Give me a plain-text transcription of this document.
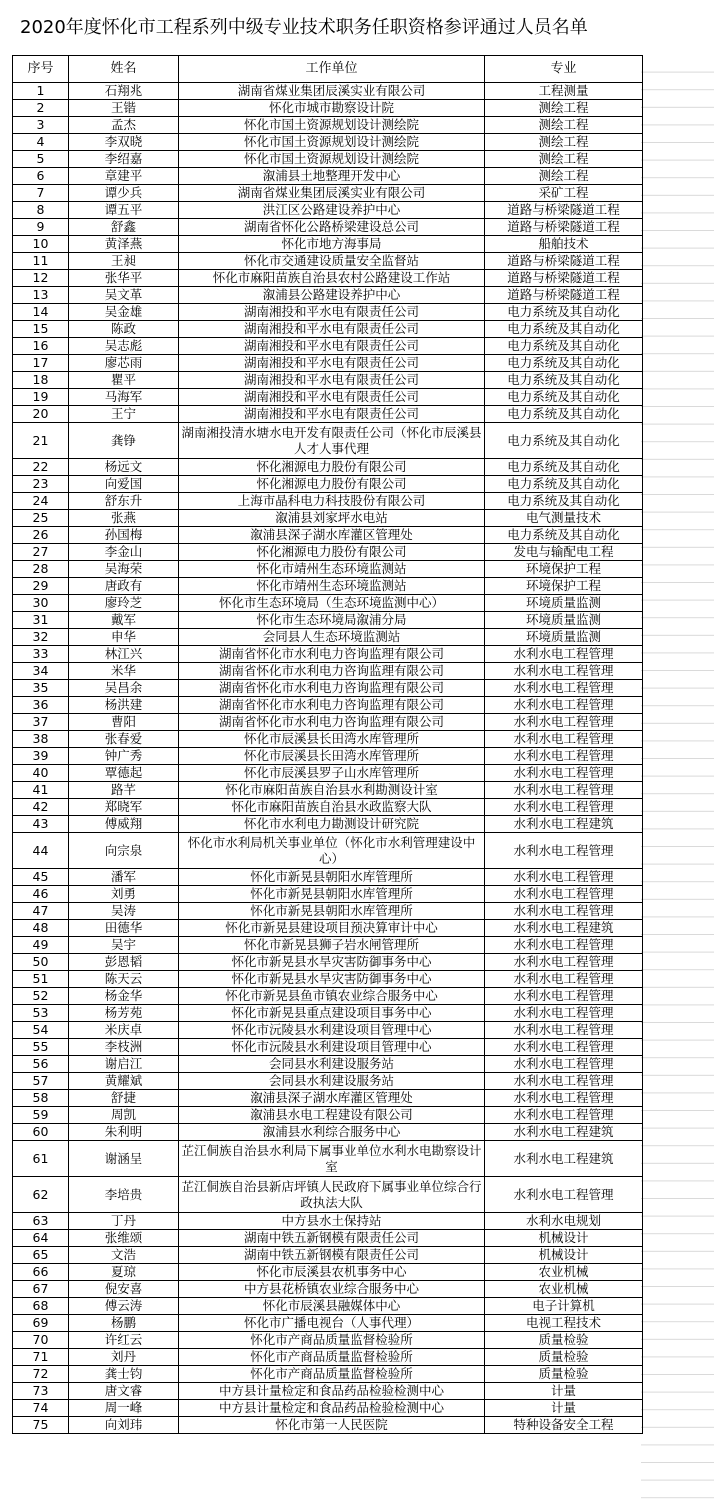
2020年度怀化市工程系列中级专业技术职务任职资格参评通过人员名单
序号	姓名	工作单位	专业
1	石翔兆	湖南省煤业集团辰溪实业有限公司	工程测量
2	王锴	怀化市城市勘察设计院	测绘工程
3	孟杰	怀化市国土资源规划设计测绘院	测绘工程
4	李双晓	怀化市国土资源规划设计测绘院	测绘工程
5	李绍嘉	怀化市国土资源规划设计测绘院	测绘工程
6	章建平	溆浦县土地整理开发中心	测绘工程
7	谭少兵	湖南省煤业集团辰溪实业有限公司	采矿工程
8	谭五平	洪江区公路建设养护中心	道路与桥梁隧道工程
9	舒鑫	湖南省怀化公路桥梁建设总公司	道路与桥梁隧道工程
10	黄泽燕	怀化市地方海事局	船舶技术
11	王昶	怀化市交通建设质量安全监督站	道路与桥梁隧道工程
12	张华平	怀化市麻阳苗族自治县农村公路建设工作站	道路与桥梁隧道工程
13	吴文革	溆浦县公路建设养护中心	道路与桥梁隧道工程
14	吴金雄	湖南湘投和平水电有限责任公司	电力系统及其自动化
15	陈政	湖南湘投和平水电有限责任公司	电力系统及其自动化
16	吴志彪	湖南湘投和平水电有限责任公司	电力系统及其自动化
17	廖芯雨	湖南湘投和平水电有限责任公司	电力系统及其自动化
18	瞿平	湖南湘投和平水电有限责任公司	电力系统及其自动化
19	马海军	湖南湘投和平水电有限责任公司	电力系统及其自动化
20	王宁	湖南湘投和平水电有限责任公司	电力系统及其自动化
21	龚铮	湖南湘投清水塘水电开发有限责任公司（怀化市辰溪县人才人事代理	电力系统及其自动化
22	杨远文	怀化湘源电力股份有限公司	电力系统及其自动化
23	向爱国	怀化湘源电力股份有限公司	电力系统及其自动化
24	舒东升	上海市晶科电力科技股份有限公司	电力系统及其自动化
25	张燕	溆浦县刘家坪水电站	电气测量技术
26	孙国梅	溆浦县深子湖水库灌区管理处	电力系统及其自动化
27	李金山	怀化湘源电力股份有限公司	发电与输配电工程
28	吴海荣	怀化市靖州生态环境监测站	环境保护工程
29	唐政有	怀化市靖州生态环境监测站	环境保护工程
30	廖玲芝	怀化市生态环境局（生态环境监测中心）	环境质量监测
31	戴军	怀化市生态环境局溆浦分局	环境质量监测
32	申华	会同县人生态环境监测站	环境质量监测
33	林江兴	湖南省怀化市水利电力咨询监理有限公司	水利水电工程管理
34	米华	湖南省怀化市水利电力咨询监理有限公司	水利水电工程管理
35	吴昌余	湖南省怀化市水利电力咨询监理有限公司	水利水电工程管理
36	杨洪建	湖南省怀化市水利电力咨询监理有限公司	水利水电工程管理
37	曹阳	湖南省怀化市水利电力咨询监理有限公司	水利水电工程管理
38	张春爱	怀化市辰溪县长田湾水库管理所	水利水电工程管理
39	钟广秀	怀化市辰溪县长田湾水库管理所	水利水电工程管理
40	覃德起	怀化市辰溪县罗子山水库管理所	水利水电工程管理
41	路芊	怀化市麻阳苗族自治县水利勘测设计室	水利水电工程管理
42	郑晓军	怀化市麻阳苗族自治县水政监察大队	水利水电工程管理
43	傅威翔	怀化市水利电力勘测设计研究院	水利水电工程建筑
44	向宗泉	怀化市水利局机关事业单位（怀化市水利管理建设中心）	水利水电工程管理
45	潘军	怀化市新晃县朝阳水库管理所	水利水电工程管理
46	刘勇	怀化市新晃县朝阳水库管理所	水利水电工程管理
47	吴涛	怀化市新晃县朝阳水库管理所	水利水电工程管理
48	田德华	怀化市新晃县建设项目预决算审计中心	水利水电工程建筑
49	吴宇	怀化市新晃县狮子岩水闸管理所	水利水电工程管理
50	彭恩韬	怀化市新晃县水旱灾害防御事务中心	水利水电工程管理
51	陈天云	怀化市新晃县水旱灾害防御事务中心	水利水电工程管理
52	杨金华	怀化市新晃县鱼市镇农业综合服务中心	水利水电工程管理
53	杨芳苑	怀化市新晃县重点建设项目事务中心	水利水电工程管理
54	米庆卓	怀化市沅陵县水利建设项目管理中心	水利水电工程管理
55	李枝洲	怀化市沅陵县水利建设项目管理中心	水利水电工程管理
56	谢启江	会同县水利建设服务站	水利水电工程管理
57	黄耀斌	会同县水利建设服务站	水利水电工程管理
58	舒捷	溆浦县深子湖水库灌区管理处	水利水电工程管理
59	周凯	溆浦县水电工程建设有限公司	水利水电工程管理
60	朱利明	溆浦县水利综合服务中心	水利水电工程建筑
61	谢涵呈	芷江侗族自治县水利局下属事业单位水利水电勘察设计室	水利水电工程建筑
62	李培贵	芷江侗族自治县新店坪镇人民政府下属事业单位综合行政执法大队	水利水电工程管理
63	丁丹	中方县水土保持站	水利水电规划
64	张维颂	湖南中铁五新钢模有限责任公司	机械设计
65	文浩	湖南中铁五新钢模有限责任公司	机械设计
66	夏琼	怀化市辰溪县农机事务中心	农业机械
67	倪安喜	中方县花桥镇农业综合服务中心	农业机械
68	傅云涛	怀化市辰溪县融媒体中心	电子计算机
69	杨鹏	怀化市广播电视台（人事代理）	电视工程技术
70	许红云	怀化市产商品质量监督检验所	质量检验
71	刘丹	怀化市产商品质量监督检验所	质量检验
72	龚士钧	怀化市产商品质量监督检验所	质量检验
73	唐文睿	中方县计量检定和食品药品检验检测中心	计量
74	周一峰	中方县计量检定和食品药品检验检测中心	计量
75	向刘玮	怀化市第一人民医院	特种设备安全工程
